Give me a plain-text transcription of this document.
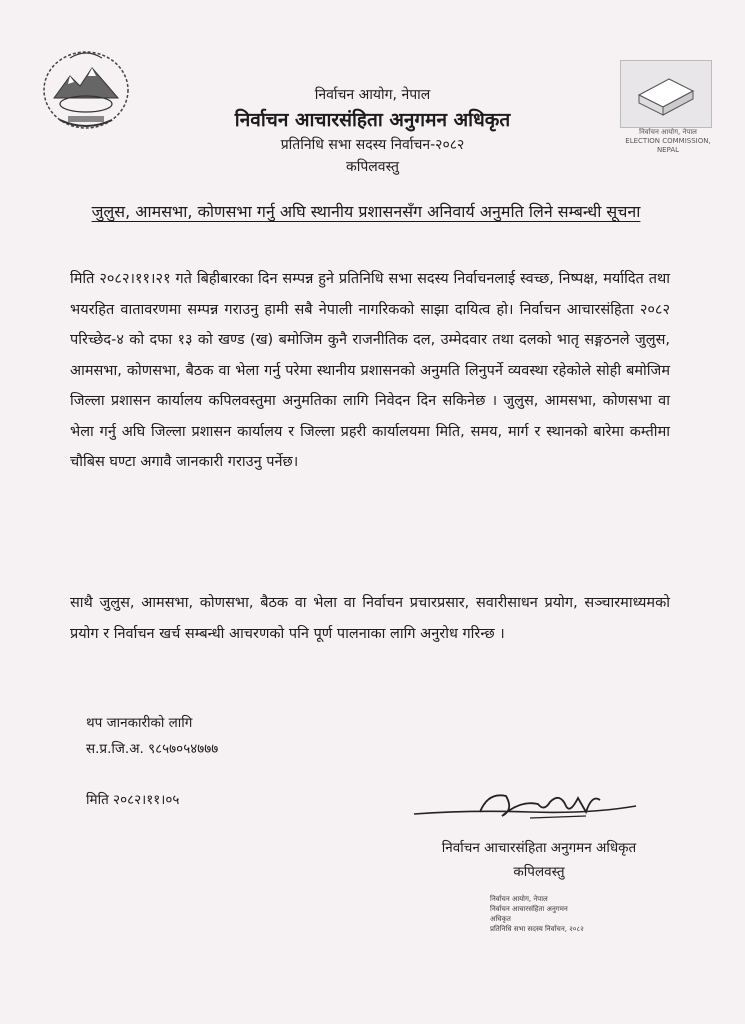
निर्वाचन आयोग, नेपाल
ELECTION COMMISSION, NEPAL
निर्वाचन आयोग, नेपाल
निर्वाचन आचारसंहिता अनुगमन अधिकृत
प्रतिनिधि सभा सदस्य निर्वाचन-२०८२
कपिलवस्तु
जुलुस, आमसभा, कोणसभा गर्नु अघि स्थानीय प्रशासनसँग अनिवार्य अनुमति लिने सम्बन्धी सूचना
मिति २०८२।११।२१ गते बिहीबारका दिन सम्पन्न हुने प्रतिनिधि सभा सदस्य निर्वाचनलाई स्वच्छ, निष्पक्ष, मर्यादित तथा भयरहित वातावरणमा सम्पन्न गराउनु हामी सबै नेपाली नागरिकको साझा दायित्व हो। निर्वाचन आचारसंहिता २०८२ परिच्छेद-४ को दफा १३ को खण्ड (ख) बमोजिम कुनै राजनीतिक दल, उम्मेदवार तथा दलको भातृ सङ्गठनले जुलुस, आमसभा, कोणसभा, बैठक वा भेला गर्नु परेमा स्थानीय प्रशासनको अनुमति लिनुपर्ने व्यवस्था रहेकोले सोही बमोजिम जिल्ला प्रशासन कार्यालय कपिलवस्तुमा अनुमतिका लागि निवेदन दिन सकिनेछ । जुलुस, आमसभा, कोणसभा वा भेला गर्नु अघि जिल्ला प्रशासन कार्यालय र जिल्ला प्रहरी कार्यालयमा मिति, समय, मार्ग र स्थानको बारेमा कम्तीमा चौबिस घण्टा अगावै जानकारी गराउनु पर्नेछ।
साथै जुलुस, आमसभा, कोणसभा, बैठक वा भेला वा निर्वाचन प्रचारप्रसार, सवारीसाधन प्रयोग, सञ्चारमाध्यमको प्रयोग र निर्वाचन खर्च सम्बन्धी आचरणको पनि पूर्ण पालनाका लागि अनुरोध गरिन्छ ।
थप जानकारीको लागि
स.प्र.जि.अ. ९८५७०५४७७७
मिति २०८२।११।०५
निर्वाचन आचारसंहिता अनुगमन अधिकृत
कपिलवस्तु
निर्वाचन आयोग, नेपाल
निर्वाचन आचारसंहिता अनुगमन अधिकृत
प्रतिनिधि सभा सदस्य निर्वाचन, २०८२
